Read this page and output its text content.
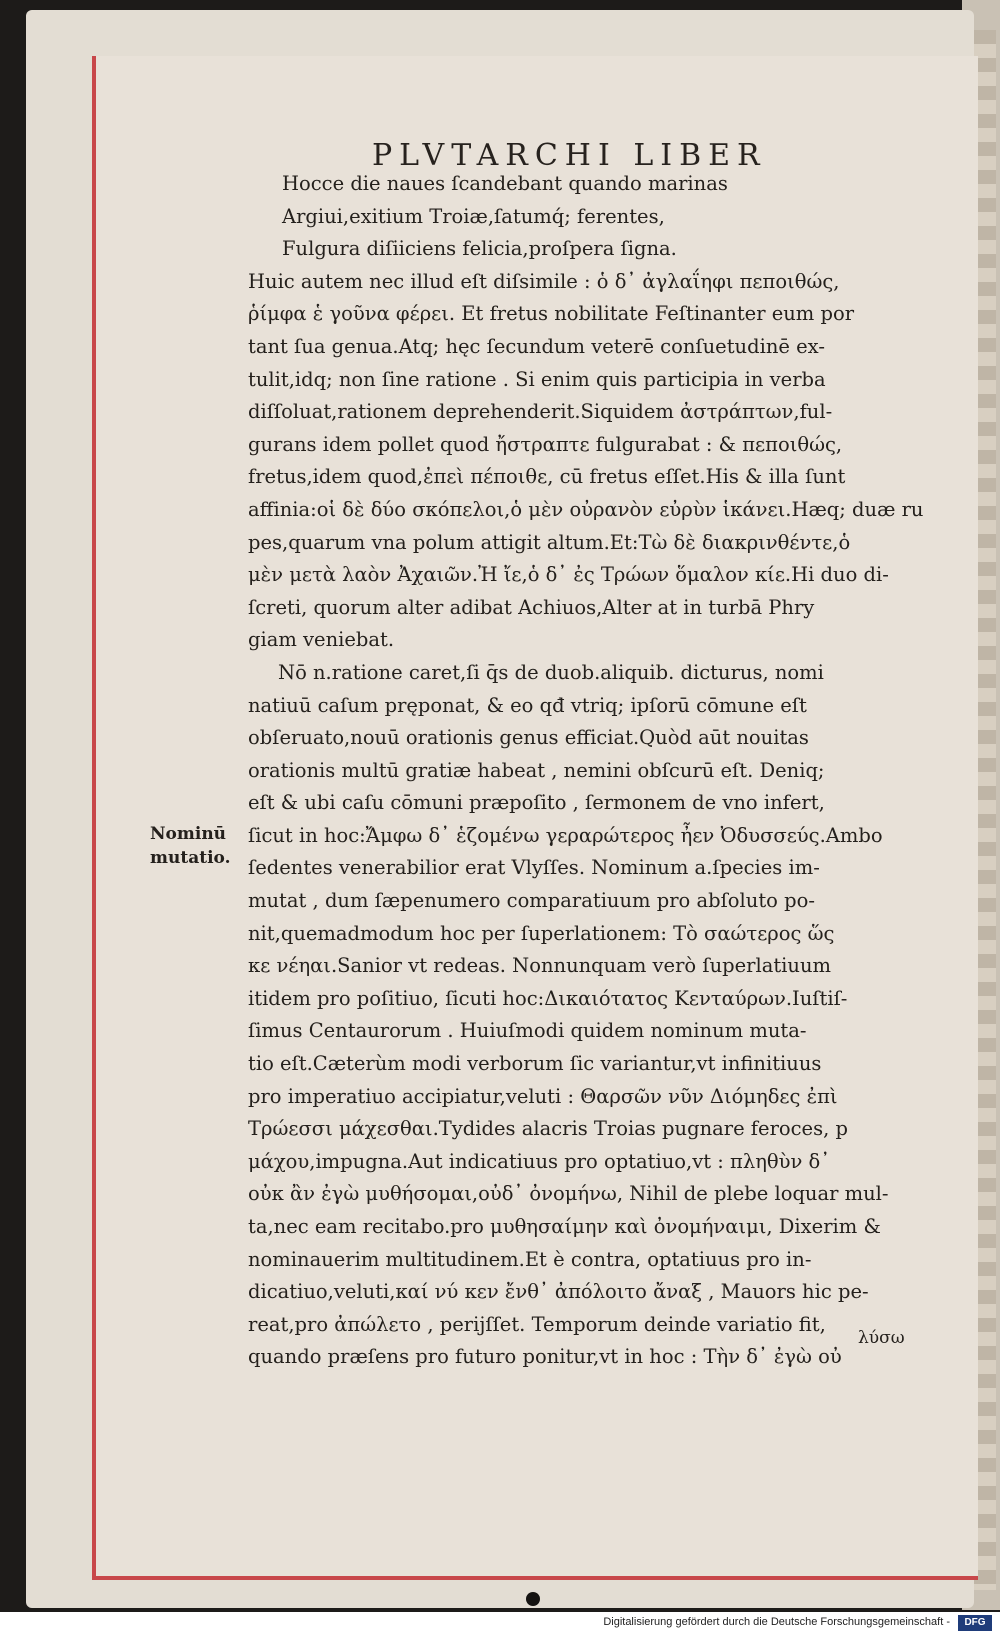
PLVTARCHI LIBER
Hocce die naues ſcandebant quando marinas
Argiui,exitium Troiæ,ſatumq́; ferentes,
Fulgura diſiiciens felicia,proſpera ſigna.
Huic autem nec illud eſt diſsimile : ὁ δ᾽ ἀγλαΐηφι πεποιθώς,
ῥίμφα ἑ γοῦνα φέρει. Et fretus nobilitate Feſtinanter eum por
tant ſua genua.Atq; hęc ſecundum veterē conſuetudinē ex-
tulit,idq; non ſine ratione . Si enim quis participia in verba
diſſoluat,rationem deprehenderit.Siquidem ἀστράπτων,ful-
gurans idem pollet quod ἤστραπτε fulgurabat : & πεποιθώς,
fretus,idem quod,ἐπεὶ πέποιθε, cū fretus eſſet.His & illa ſunt
affinia:οἱ δὲ δύο σκόπελοι,ὁ μὲν οὐρανὸν εὐρὺν ἱκάνει.Hæq; duæ ru
pes,quarum vna polum attigit altum.Et:Τὼ δὲ διακρινθέντε,ὁ
μὲν μετὰ λαὸν Ἀχαιῶν.Ἠ ἴε,ὁ δ᾽ ἐς Τρώων ὅμαλον κίε.Hi duo di-
ſcreti, quorum alter adibat Achiuos,Alter at in turbā Phry
giam veniebat.
Nō n.ratione caret,ſi q̄s de duob.aliquib. dicturus, nomi
natiuū caſum pręponat, & eo qđ vtriq; ipſorū cōmune eſt
obſeruato,nouū orationis genus efficiat.Quòd aūt nouitas
orationis multū gratiæ habeat , nemini obſcurū eſt. Deniq;
eſt & ubi caſu cōmuni præpoſito , ſermonem de vno infert,
ſicut in hoc:Ἄμφω δ᾽ ἑζομένω γεραρώτερος ἦεν Ὀδυσσεύς.Ambo
ſedentes venerabilior erat Vlyſſes. Nominum a.ſpecies im-
mutat , dum ſæpenumero comparatiuum pro abſoluto po-
nit,quemadmodum hoc per ſuperlationem: Τὸ σαώτερος ὥς
κε νέηαι.Sanior vt redeas. Nonnunquam verò ſuperlatiuum
itidem pro poſitiuo, ſicuti hoc:Δικαιότατος Κενταύρων.Iuſtiſ-
ſimus Centaurorum . Huiuſmodi quidem nominum muta-
tio eſt.Cæterùm modi verborum ſic variantur,vt infinitiuus
pro imperatiuo accipiatur,veluti : Θαρσῶν νῦν Διόμηδες ἐπὶ
Τρώεσσι μάχεσθαι.Tydides alacris Troias pugnare feroces, p
μάχου,impugna.Aut indicatiuus pro optatiuo,vt : πληθὺν δ᾽
οὐκ ἂν ἐγὼ μυθήσομαι,οὐδ᾽ ὀνομήνω, Nihil de plebe loquar mul-
ta,nec eam recitabo.pro μυθησαίμην καὶ ὀνομήναιμι, Dixerim &
nominauerim multitudinem.Et è contra, optatiuus pro in-
dicatiuo,veluti,καί νύ κεν ἔνθ᾽ ἀπόλοιτο ἄναξ , Mauors hic pe-
reat,pro ἀπώλετο , perijſſet. Temporum deinde variatio fit,
quando præſens pro futuro ponitur,vt in hoc : Τὴν δ᾽ ἐγὼ οὐ
Nominū
mutatio.
λύσω
Digitalisierung gefördert durch die Deutsche Forschungsgemeinschaft -	DFG
